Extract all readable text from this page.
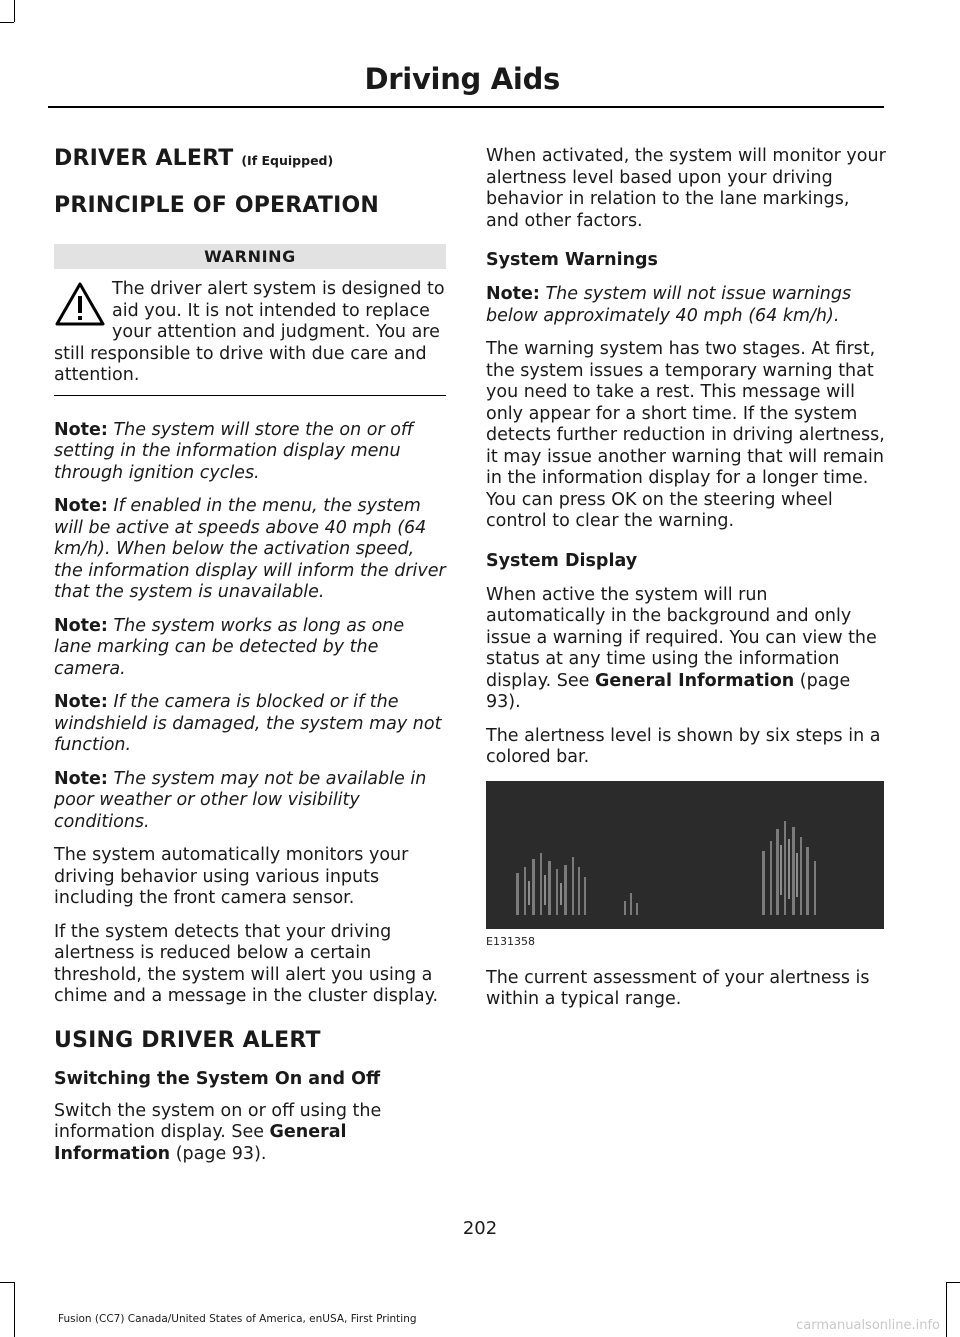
Driving Aids
DRIVER ALERT (If Equipped)
PRINCIPLE OF OPERATION
WARNING
The driver alert system is designed to aid you. It is not intended to replace your attention and judgment. You are still responsible to drive with due care and attention.

Note: The system will store the on or off setting in the information display menu through ignition cycles.

Note: If enabled in the menu, the system will be active at speeds above 40 mph (64 km/h). When below the activation speed, the information display will inform the driver that the system is unavailable.

Note: The system works as long as one lane marking can be detected by the camera.

Note: If the camera is blocked or if the windshield is damaged, the system may not function.

Note: The system may not be available in poor weather or other low visibility conditions.

The system automatically monitors your driving behavior using various inputs including the front camera sensor.

If the system detects that your driving alertness is reduced below a certain threshold, the system will alert you using a chime and a message in the cluster display.

USING DRIVER ALERT
Switching the System On and Off

Switch the system on or off using the information display. See General Information (page 93).

When activated, the system will monitor your alertness level based upon your driving behavior in relation to the lane markings, and other factors.

System Warnings

Note: The system will not issue warnings below approximately 40 mph (64 km/h).

The warning system has two stages. At first, the system issues a temporary warning that you need to take a rest. This message will only appear for a short time. If the system detects further reduction in driving alertness, it may issue another warning that will remain in the information display for a longer time. You can press OK on the steering wheel control to clear the warning.

System Display

When active the system will run automatically in the background and only issue a warning if required. You can view the status at any time using the information display. See General Information (page 93).

The alertness level is shown by six steps in a colored bar.

E131358

The current assessment of your alertness is within a typical range.

202
Fusion (CC7) Canada/United States of America, enUSA, First Printing	carmanualsonline.info
